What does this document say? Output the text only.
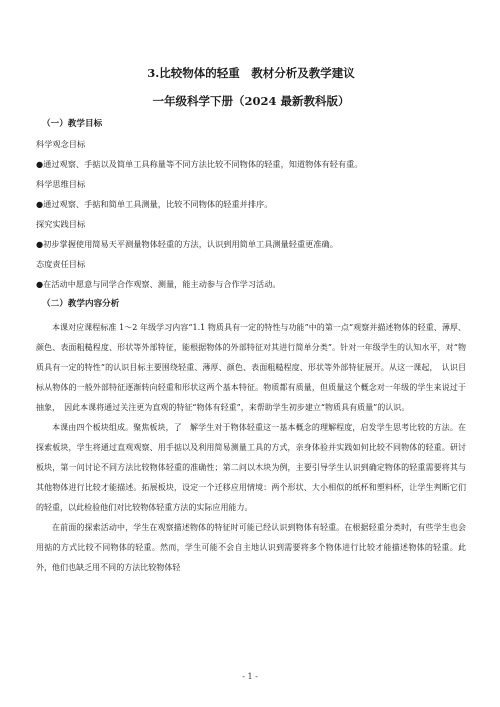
3.比较物体的轻重　教材分析及教学建议
一年级科学下册（2024 最新教科版）
（一）教学目标
科学观念目标
●通过观察、手掂以及简单工具称量等不同方法比较不同物体的轻重，知道物体有轻有重。
科学思维目标
●通过观察、手掂和简单工具测量，比较不同物体的轻重并排序。
探究实践目标
●初步掌握使用简易天平测量物体轻重的方法，认识到用简单工具测量轻重更准确。
态度责任目标
●在活动中愿意与同学合作观察、测量，能主动参与合作学习活动。
（二）教学内容分析

本课对应课程标准 1～2 年级学习内容“1.1 物质具有一定的特性与功能”中的第一点“观察并描述物体的轻重、薄厚、颜色、表面粗糙程度、形状等外部特征，能根据物体的外部特征对其进行简单分类”。针对一年级学生的认知水平，对“物质具有一定的特性”的认识目标主要围绕轻重、薄厚、颜色、表面粗糙程度、形状等外部特征展开。从这一课起，　认识目标从物体的一般外部特征逐渐转向轻重和形状这两个基本特征。物质都有质量，但质量这个概念对一年级的学生来说过于抽象，　因此本课将通过关注更为直观的特征“物体有轻重”，来帮助学生初步建立“物质具有质量”的认识。

本课由四个板块组成。聚焦板块，了　解学生对于物体轻重这一基本概念的理解程度，启发学生思考比较的方法。在探索板块，学生将通过直观观察、用手掂以及利用简易测量工具的方式，亲身体验并实践如何比较不同物体的轻重。研讨板块，第一问讨论不同方法比较物体轻重的准确性；第二问以木块为例，主要引导学生认识到确定物体的轻重需要将其与其他物体进行比较才能描述。拓展板块，设定一个迁移应用情境：两个形状、大小相似的纸杯和塑料杯，让学生判断它们的轻重，以此检验他们对比较物体轻重方法的实际应用能力。

在前面的探索活动中，学生在观察描述物体的特征时可能已经认识到物体有轻重。在根据轻重分类时，有些学生也会用掂的方式比较不同物体的轻重。然而，学生可能不会自主地认识到需要将多个物体进行比较才能描述物体的轻重。此外，他们也缺乏用不同的方法比较物体轻

- 1 -
